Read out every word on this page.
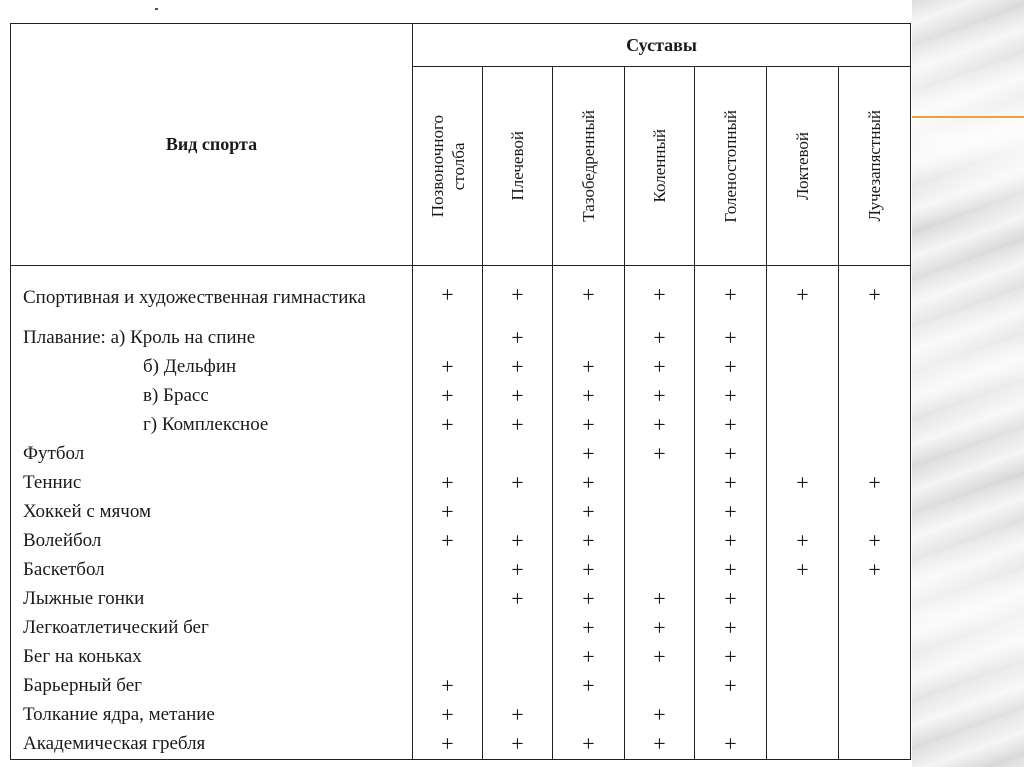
Вид спорта	Суставы						

	Позвоночного
столба	Плечевой	Тазобедренный	Коленный	Голеностопный	Локтевой	Лучезапястный

Спортивная и художественная гимнастика	+	+	+	+	+	+	+
Плавание: а) Кроль на спине		+		+	+		
б) Дельфин	+	+	+	+	+		
в) Брасс	+	+	+	+	+		
г) Комплексное	+	+	+	+	+		
Футбол			+	+	+		
Теннис	+	+	+		+	+	+
Хоккей с мячом	+		+		+		
Волейбол	+	+	+		+	+	+
Баскетбол		+	+		+	+	+
Лыжные гонки		+	+	+	+		
Легкоатлетический бег			+	+	+		
Бег на коньках			+	+	+		
Барьерный бег	+		+		+		
Толкание ядра, метание	+	+		+			
Академическая гребля	+	+	+	+	+		
